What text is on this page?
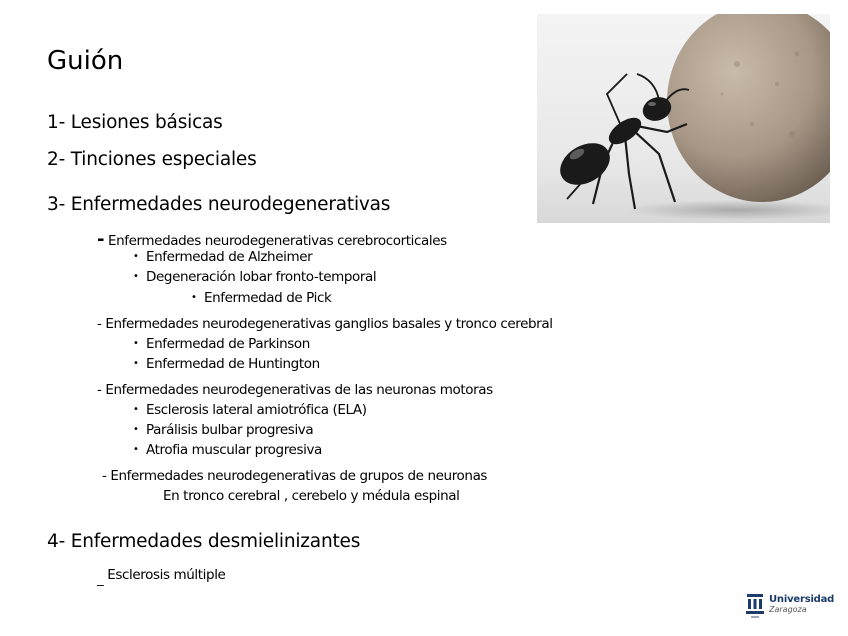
Guión
1- Lesiones básicas
2- Tinciones especiales
3- Enfermedades neurodegenerativas
- Enfermedades neurodegenerativas cerebrocorticales
• Enfermedad de Alzheimer
• Degeneración lobar fronto-temporal
• Enfermedad de Pick
- Enfermedades neurodegenerativas ganglios basales y tronco cerebral
• Enfermedad de Parkinson
• Enfermedad de Huntington
- Enfermedades neurodegenerativas de las neuronas motoras
• Esclerosis lateral amiotrófica (ELA)
• Parálisis bulbar progresiva
• Atrofia muscular progresiva
- Enfermedades neurodegenerativas de grupos de neuronas
En tronco cerebral , cerebelo y médula espinal
4- Enfermedades desmielinizantes
_ Esclerosis múltiple
Universidad
Zaragoza
